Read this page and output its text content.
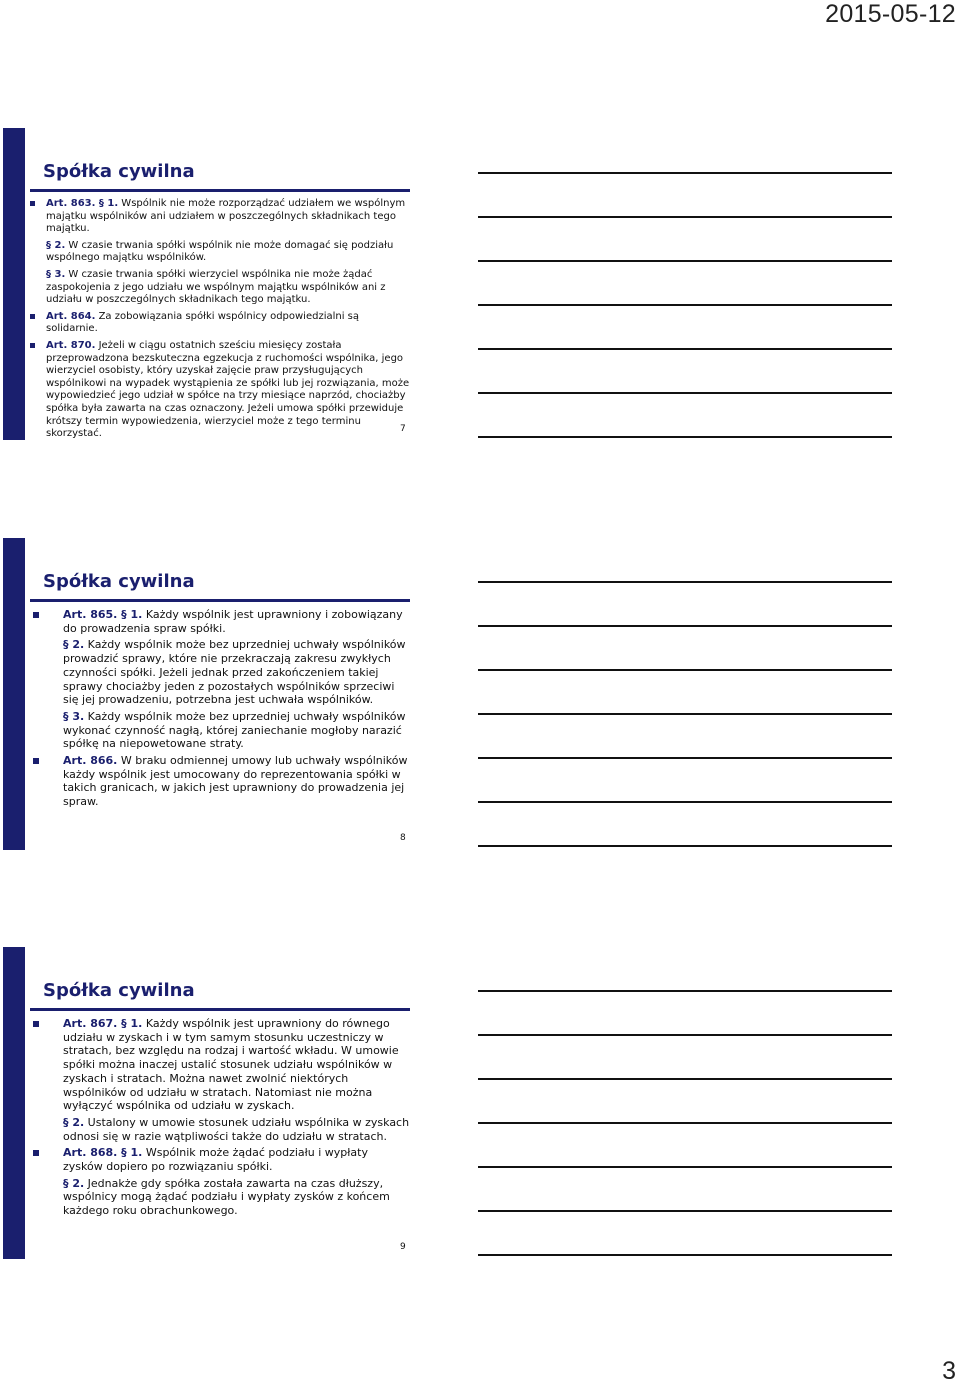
2015-05-12
Spółka cywilna
Art. 863. § 1. Wspólnik nie może rozporządzać udziałem we wspólnym majątku wspólników ani udziałem w poszczególnych składnikach tego majątku.
§ 2. W czasie trwania spółki wspólnik nie może domagać się podziału wspólnego majątku wspólników.
§ 3. W czasie trwania spółki wierzyciel wspólnika nie może żądać zaspokojenia z jego udziału we wspólnym majątku wspólników ani z udziału w poszczególnych składnikach tego majątku.
Art. 864. Za zobowiązania spółki wspólnicy odpowiedzialni są solidarnie.
Art. 870. Jeżeli w ciągu ostatnich sześciu miesięcy została przeprowadzona bezskuteczna egzekucja z ruchomości wspólnika, jego wierzyciel osobisty, który uzyskał zajęcie praw przysługujących wspólnikowi na wypadek wystąpienia ze spółki lub jej rozwiązania, może wypowiedzieć jego udział w spółce na trzy miesiące naprzód, chociażby spółka była zawarta na czas oznaczony. Jeżeli umowa spółki przewiduje krótszy termin wypowiedzenia, wierzyciel może z tego terminu skorzystać.	7
Spółka cywilna
Art. 865. § 1. Każdy wspólnik jest uprawniony i zobowiązany do prowadzenia spraw spółki.
§ 2. Każdy wspólnik może bez uprzedniej uchwały wspólników prowadzić sprawy, które nie przekraczają zakresu zwykłych czynności spółki. Jeżeli jednak przed zakończeniem takiej sprawy chociażby jeden z pozostałych wspólników sprzeciwi się jej prowadzeniu, potrzebna jest uchwała wspólników.
§ 3. Każdy wspólnik może bez uprzedniej uchwały wspólników wykonać czynność nagłą, której zaniechanie mogłoby narazić spółkę na niepowetowane straty.
Art. 866. W braku odmiennej umowy lub uchwały wspólników każdy wspólnik jest umocowany do reprezentowania spółki w takich granicach, w jakich jest uprawniony do prowadzenia jej spraw.
8
Spółka cywilna
Art. 867. § 1. Każdy wspólnik jest uprawniony do równego udziału w zyskach i w tym samym stosunku uczestniczy w stratach, bez względu na rodzaj i wartość wkładu. W umowie spółki można inaczej ustalić stosunek udziału wspólników w zyskach i stratach. Można nawet zwolnić niektórych wspólników od udziału w stratach. Natomiast nie można wyłączyć wspólnika od udziału w zyskach.
§ 2. Ustalony w umowie stosunek udziału wspólnika w zyskach odnosi się w razie wątpliwości także do udziału w stratach.
Art. 868. § 1. Wspólnik może żądać podziału i wypłaty zysków dopiero po rozwiązaniu spółki.
§ 2. Jednakże gdy spółka została zawarta na czas dłuższy, wspólnicy mogą żądać podziału i wypłaty zysków z końcem każdego roku obrachunkowego.
9
3
